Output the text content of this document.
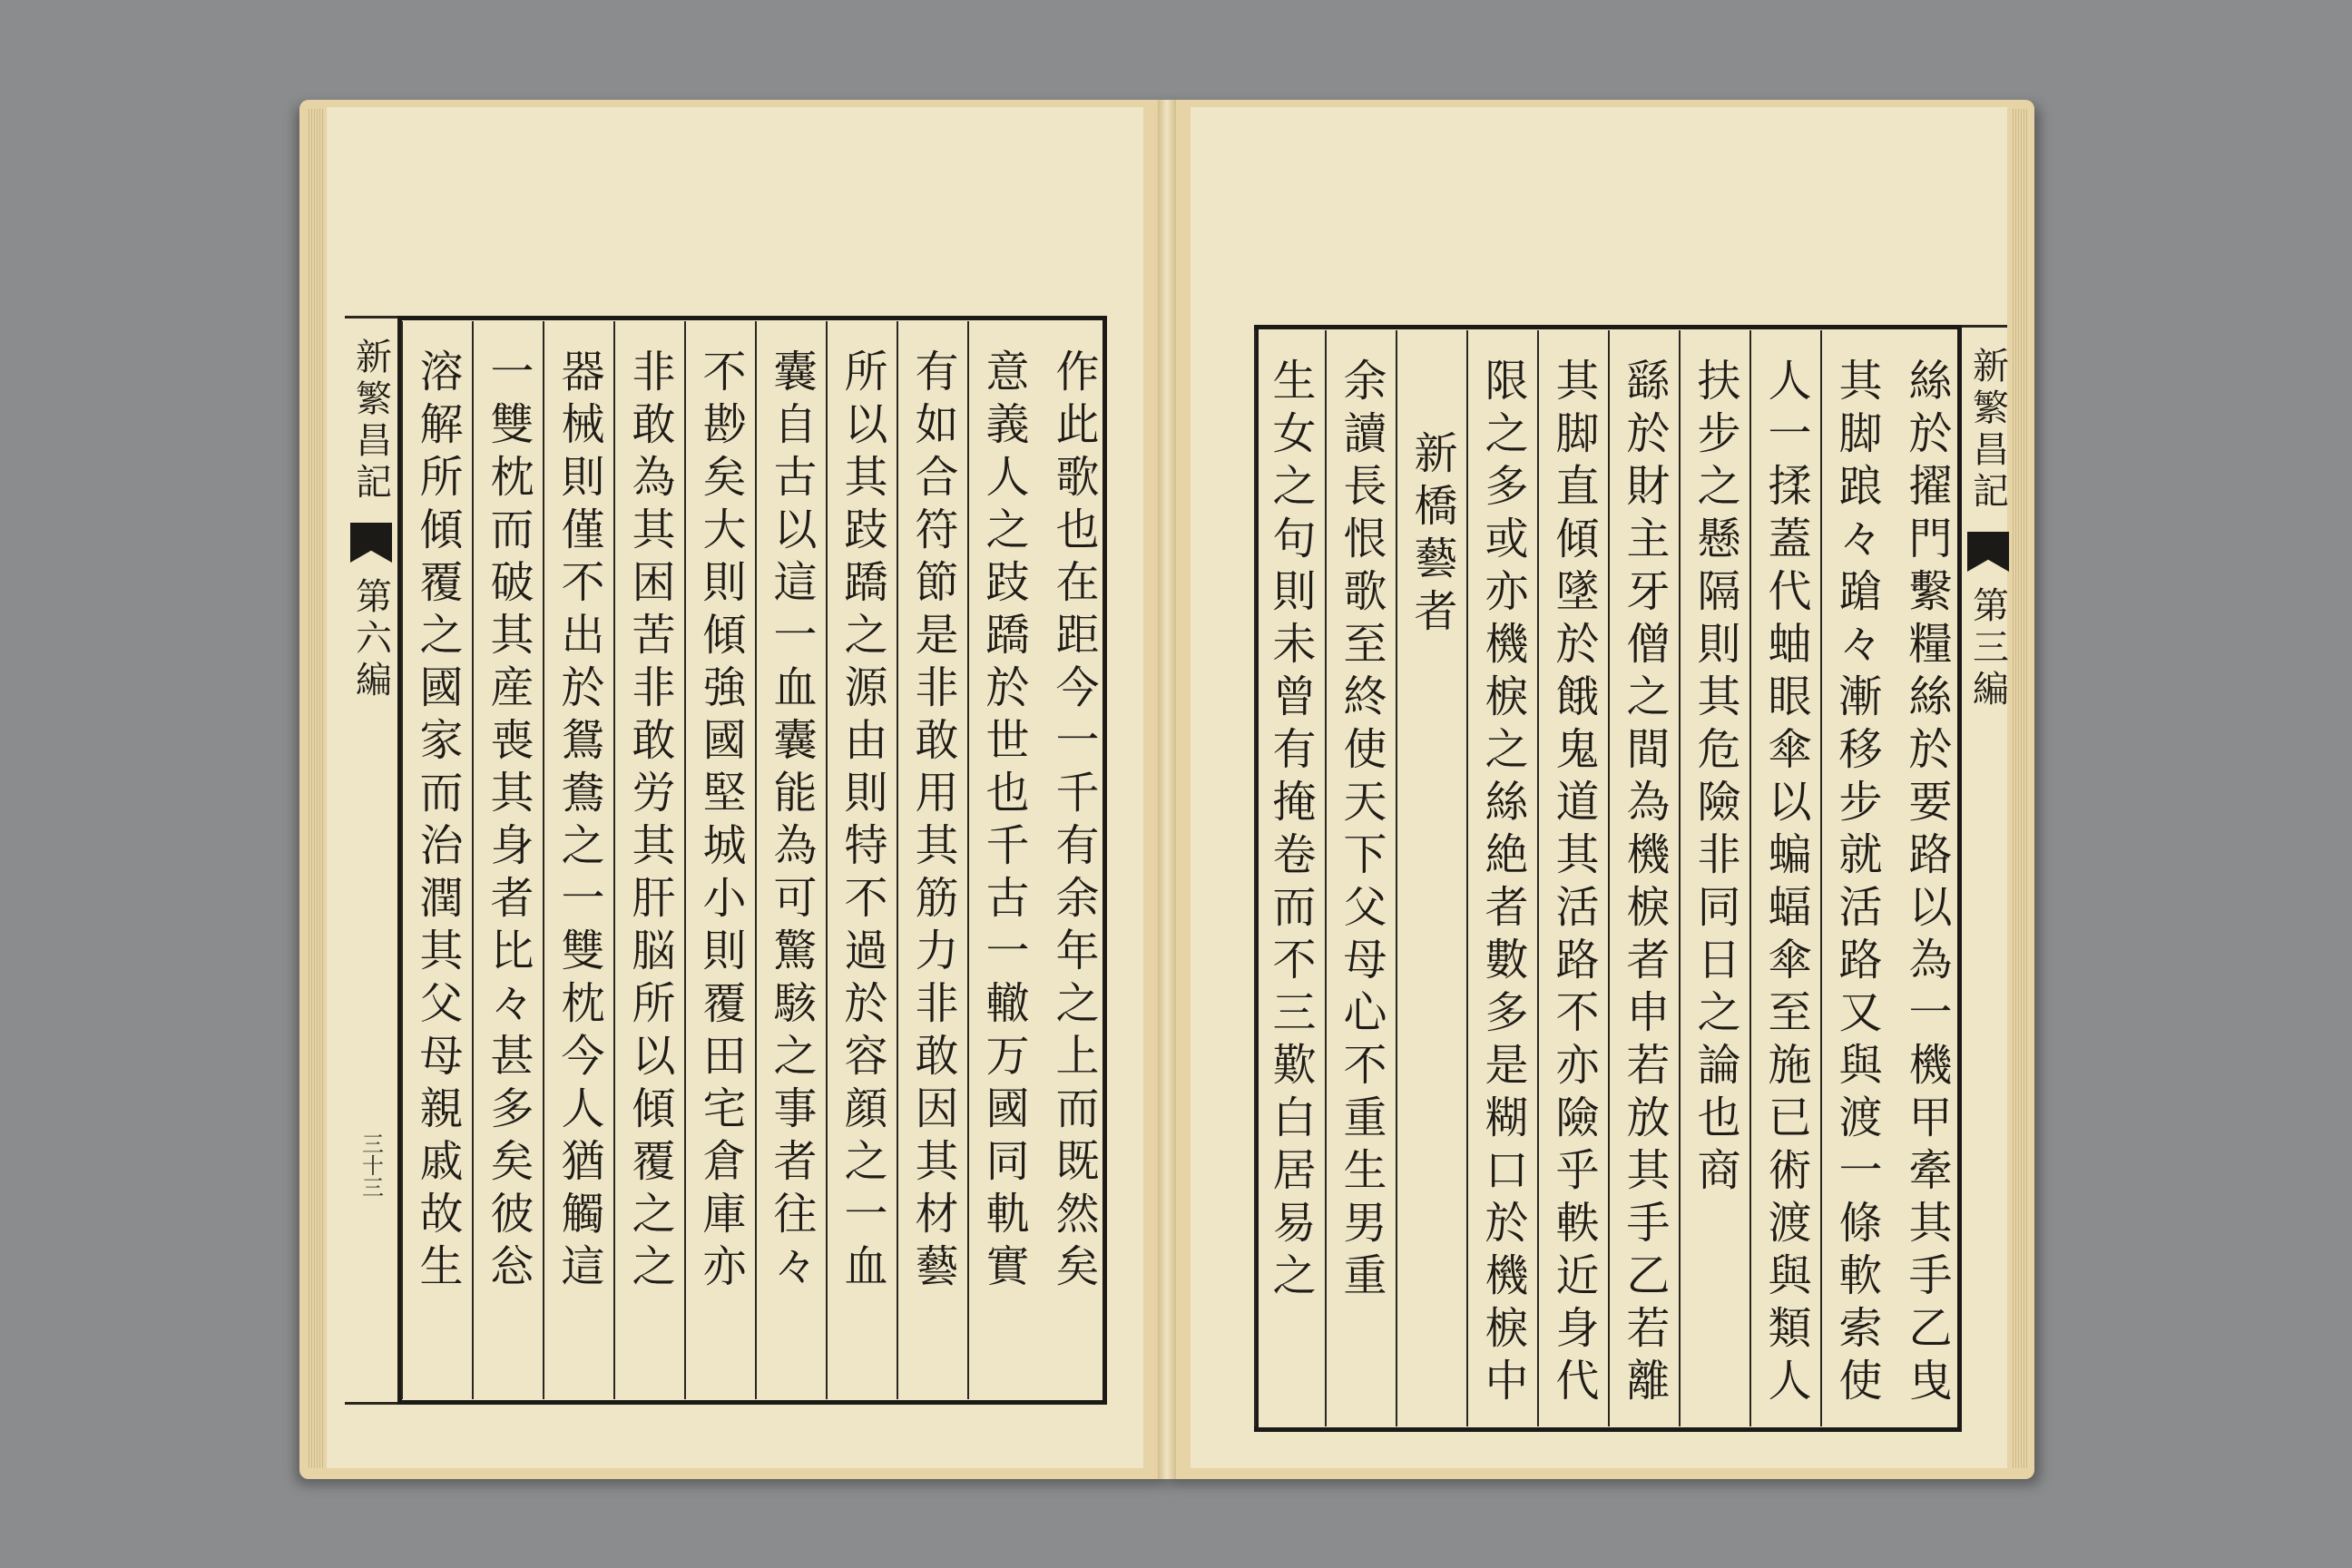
新繁昌記
第六編
三十三	作此歌也在距今一千有余年之上而既然矣
意義人之跂蹻於世也千古一轍万國同軌實
有如合符節是非敢用其筋力非敢因其材藝
所以其跂蹻之源由則特不過於容顔之一血
囊自古以這一血囊能為可驚駭之事者往々
不尠矣大則傾強國堅城小則覆田宅倉庫亦
非敢為其困苦非敢労其肝脳所以傾覆之之
器械則僅不出於鴛鴦之一雙枕今人猶觸這
一雙枕而破其産喪其身者比々甚多矣彼忩
溶解所傾覆之國家而治潤其父母親戚故生	絲於擢門繫糧絲於要路以為一機甲牽其手乙曳
其脚踉々蹌々漸移步就活路又與渡一條軟索使
人一揉蓋代蚰眼傘以蝙蝠傘至施已術渡與類人
扶步之懸隔則其危險非同日之論也商
繇於財主牙僧之間為機棙者申若放其手乙若離
其脚直傾墜於餓鬼道其活路不亦險乎軼近身代
限之多或亦機棙之絲絶者數多是糊口於機棙中
新橋藝者
余讀長恨歌至終使天下父母心不重生男重
生女之句則未曾有掩卷而不三歎白居易之	新繁昌記
第三編
